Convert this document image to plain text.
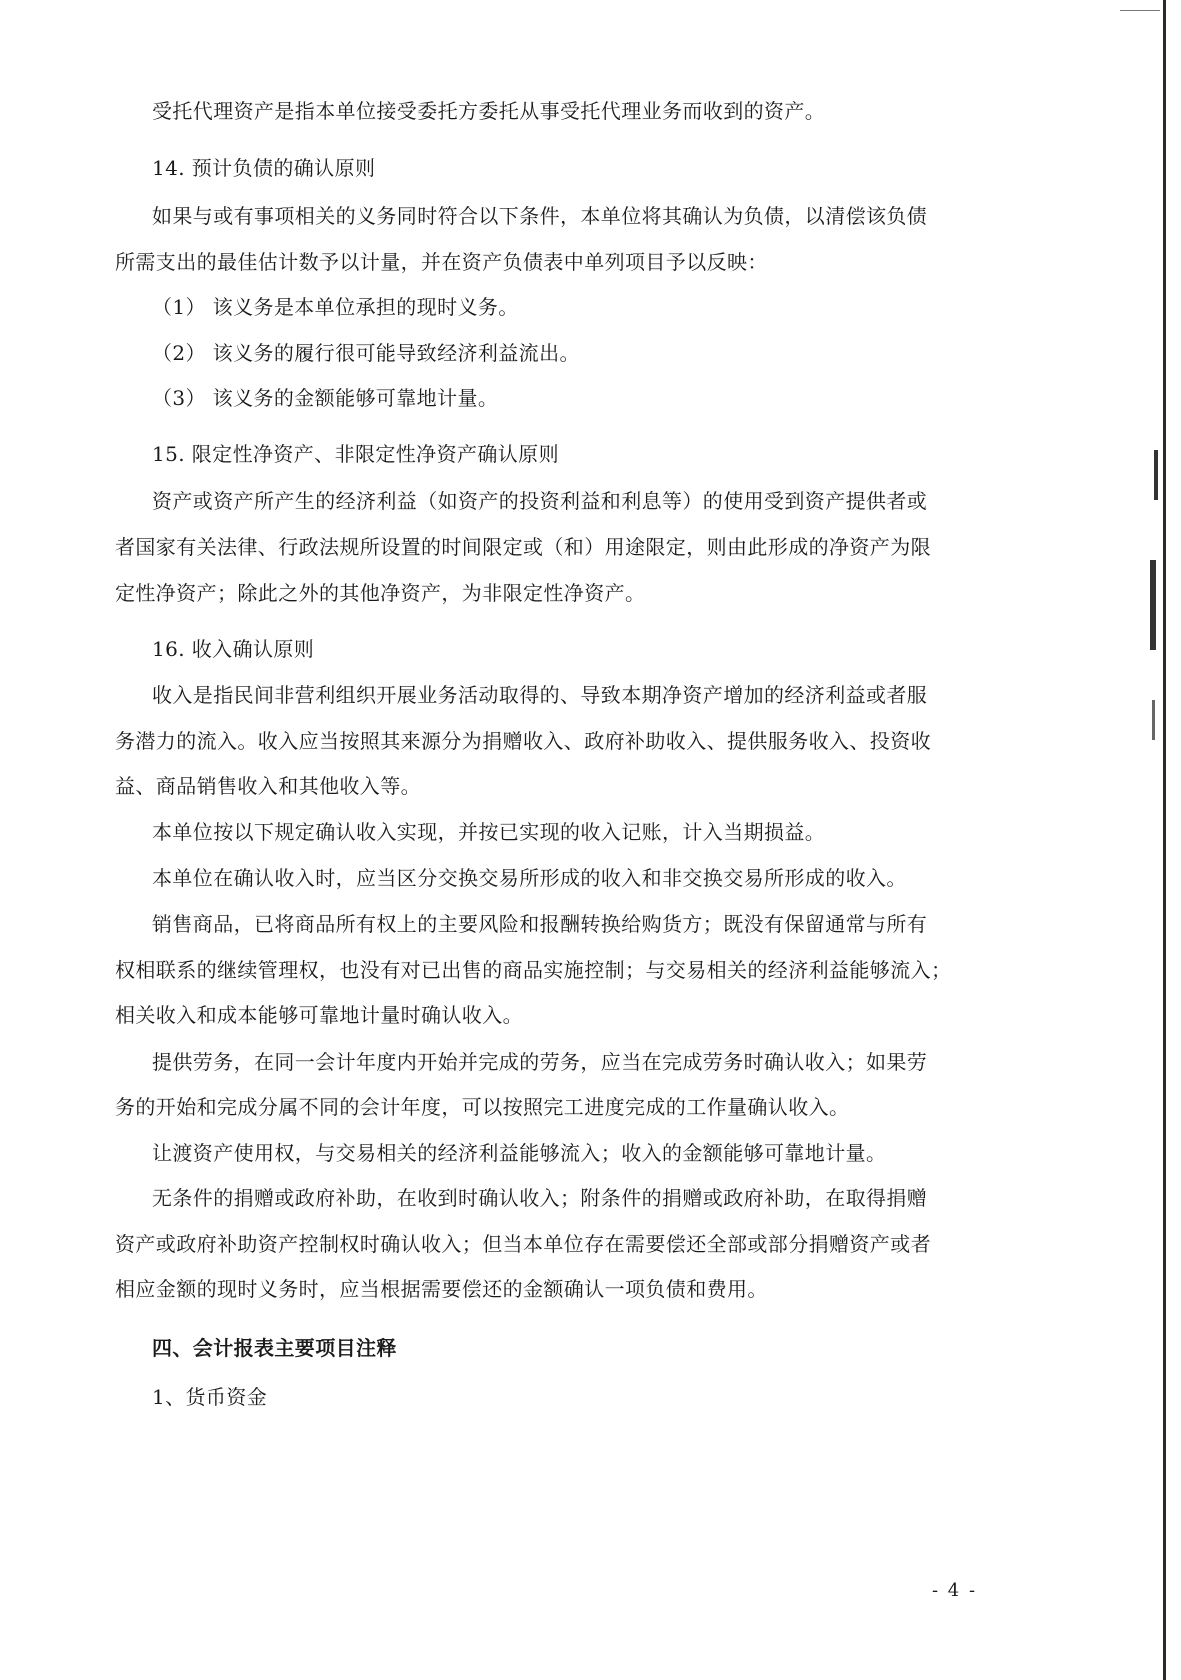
受托代理资产是指本单位接受委托方委托从事受托代理业务而收到的资产。
14. 预计负债的确认原则
如果与或有事项相关的义务同时符合以下条件，本单位将其确认为负债，以清偿该负债
所需支出的最佳估计数予以计量，并在资产负债表中单列项目予以反映：
（1） 该义务是本单位承担的现时义务。
（2） 该义务的履行很可能导致经济利益流出。
（3） 该义务的金额能够可靠地计量。
15. 限定性净资产、非限定性净资产确认原则
资产或资产所产生的经济利益（如资产的投资利益和利息等）的使用受到资产提供者或
者国家有关法律、行政法规所设置的时间限定或（和）用途限定，则由此形成的净资产为限
定性净资产；除此之外的其他净资产，为非限定性净资产。
16. 收入确认原则
收入是指民间非营利组织开展业务活动取得的、导致本期净资产增加的经济利益或者服
务潜力的流入。收入应当按照其来源分为捐赠收入、政府补助收入、提供服务收入、投资收
益、商品销售收入和其他收入等。
本单位按以下规定确认收入实现，并按已实现的收入记账，计入当期损益。
本单位在确认收入时，应当区分交换交易所形成的收入和非交换交易所形成的收入。
销售商品，已将商品所有权上的主要风险和报酬转换给购货方；既没有保留通常与所有
权相联系的继续管理权，也没有对已出售的商品实施控制；与交易相关的经济利益能够流入；
相关收入和成本能够可靠地计量时确认收入。
提供劳务，在同一会计年度内开始并完成的劳务，应当在完成劳务时确认收入；如果劳
务的开始和完成分属不同的会计年度，可以按照完工进度完成的工作量确认收入。
让渡资产使用权，与交易相关的经济利益能够流入；收入的金额能够可靠地计量。
无条件的捐赠或政府补助，在收到时确认收入；附条件的捐赠或政府补助，在取得捐赠
资产或政府补助资产控制权时确认收入；但当本单位存在需要偿还全部或部分捐赠资产或者
相应金额的现时义务时，应当根据需要偿还的金额确认一项负债和费用。
四、会计报表主要项目注释
1、货币资金
- 4 -
